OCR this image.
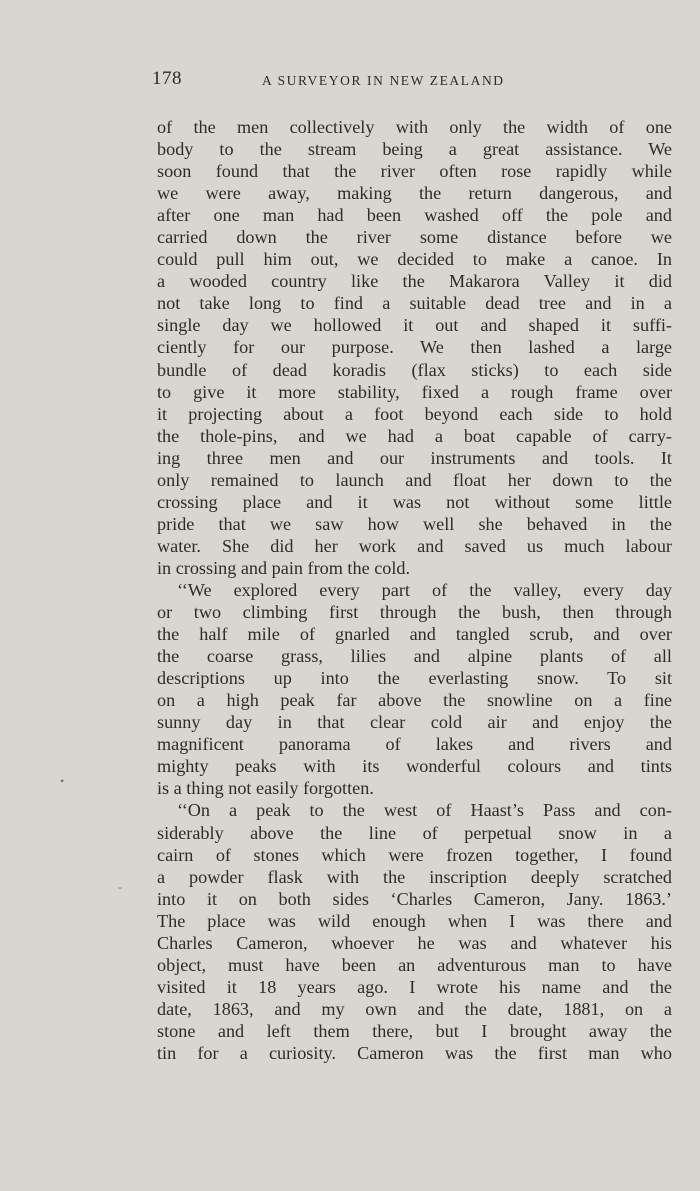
178	A SURVEYOR IN NEW ZEALAND
of the men collectively with only the width of one
body to the stream being a great assistance. We
soon found that the river often rose rapidly while
we were away, making the return dangerous, and
after one man had been washed off the pole and
carried down the river some distance before we
could pull him out, we decided to make a canoe. In
a wooded country like the Makarora Valley it did
not take long to find a suitable dead tree and in a
single day we hollowed it out and shaped it suffi-
ciently for our purpose. We then lashed a large
bundle of dead koradis (flax sticks) to each side
to give it more stability, fixed a rough frame over
it projecting about a foot beyond each side to hold
the thole-pins, and we had a boat capable of carry-
ing three men and our instruments and tools. It
only remained to launch and float her down to the
crossing place and it was not without some little
pride that we saw how well she behaved in the
water. She did her work and saved us much labour
in crossing and pain from the cold.
‘‘We explored every part of the valley, every day
or two climbing first through the bush, then through
the half mile of gnarled and tangled scrub, and over
the coarse grass, lilies and alpine plants of all
descriptions up into the everlasting snow. To sit
on a high peak far above the snowline on a fine
sunny day in that clear cold air and enjoy the
magnificent panorama of lakes and rivers and
mighty peaks with its wonderful colours and tints
is a thing not easily forgotten.
‘‘On a peak to the west of Haast’s Pass and con-
siderably above the line of perpetual snow in a
cairn of stones which were frozen together, I found
a powder flask with the inscription deeply scratched
into it on both sides ‘Charles Cameron, Jany. 1863.’
The place was wild enough when I was there and
Charles Cameron, whoever he was and whatever his
object, must have been an adventurous man to have
visited it 18 years ago. I wrote his name and the
date, 1863, and my own and the date, 1881, on a
stone and left them there, but I brought away the
tin for a curiosity. Cameron was the first man who
•
-
